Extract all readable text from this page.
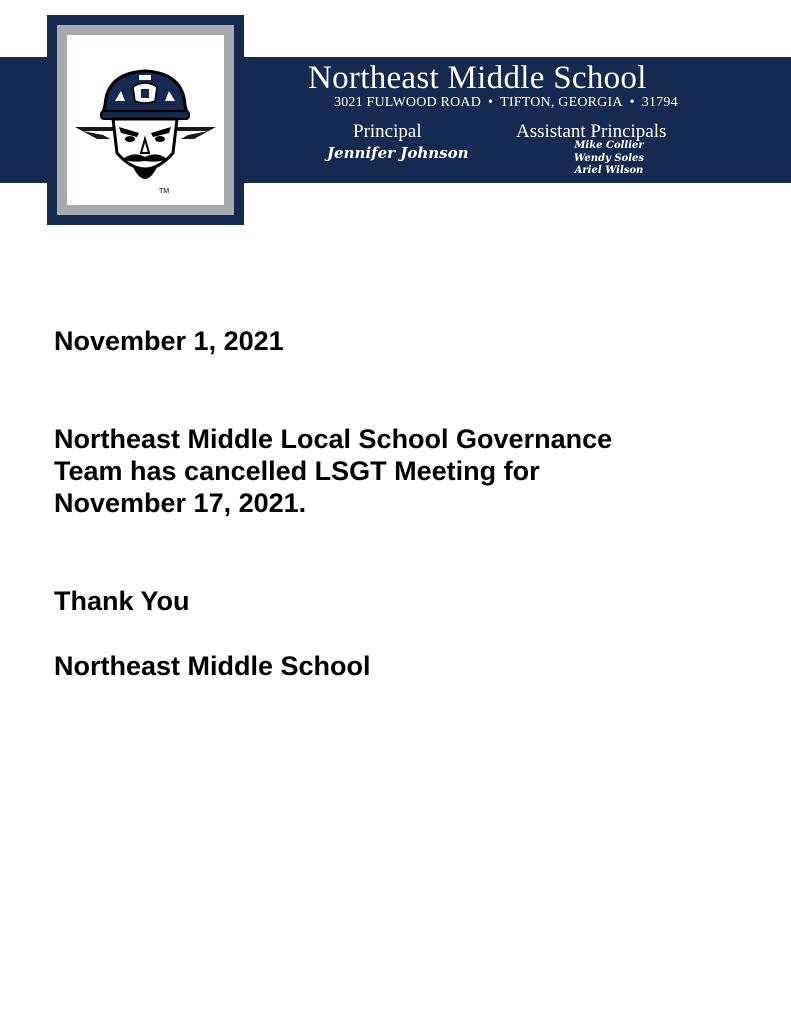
TM
Northeast Middle School
3021 FULWOOD ROAD • TIFTON, GEORGIA • 31794
Principal
Jennifer Johnson
Assistant Principals
Mike Collier
Wendy Soles
Ariel Wilson

November 1, 2021

Northeast Middle Local School Governance
Team has cancelled LSGT Meeting for
November 17, 2021.

Thank You

Northeast Middle School
